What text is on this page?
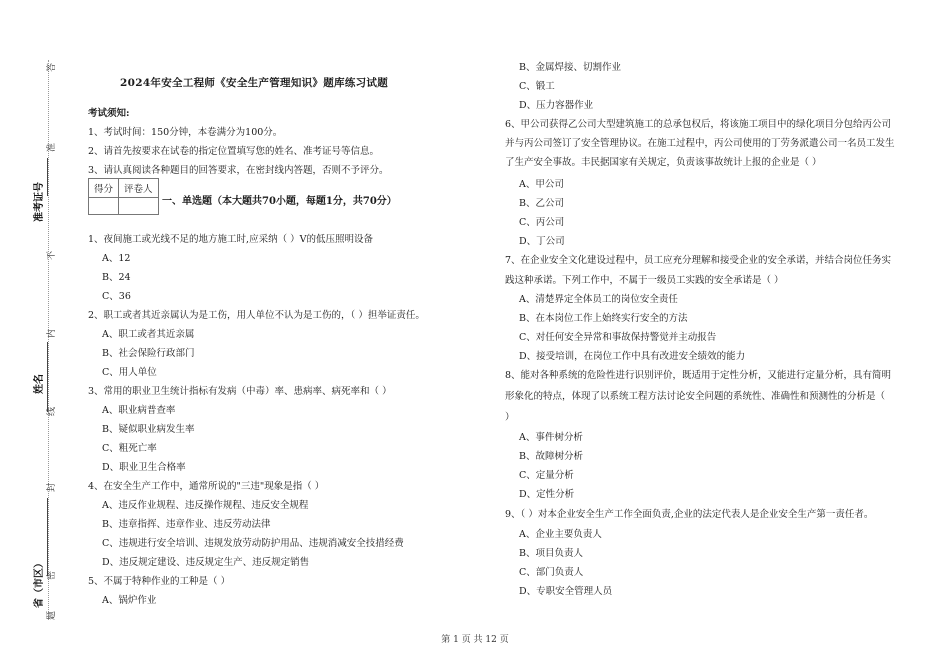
答
准
准考证号
不
内
姓名
线
封
密
省（市区）
题
2024年安全工程师《安全生产管理知识》题库练习试题
考试须知:
1、考试时间：150分钟，本卷满分为100分。
2、请首先按要求在试卷的指定位置填写您的姓名、准考证号等信息。
3、请认真阅读各种题目的回答要求，在密封线内答题，否则不予评分。
1、夜间施工或光线不足的地方施工时,应采纳（ ）V的低压照明设备
A、12
B、24
C、36
2、职工或者其近亲属认为是工伤，用人单位不认为是工伤的，（ ）担举证责任。
A、职工或者其近亲属
B、社会保险行政部门
C、用人单位
3、常用的职业卫生统计指标有发病（中毒）率、患病率、病死率和（ ）
A、职业病普查率
B、疑似职业病发生率
C、粗死亡率
D、职业卫生合格率
4、在安全生产工作中，通常所说的"三违"现象是指（ ）
A、违反作业规程、违反操作规程、违反安全规程
B、违章指挥、违章作业、违反劳动法律
C、违规进行安全培训、违规发放劳动防护用品、违规消减安全技措经费
D、违反规定建设、违反规定生产、违反规定销售
5、不属于特种作业的工种是（ ）
A、锅炉作业
得分	评卷人

一、单选题（本大题共70小题，每题1分，共70分）
B、金属焊接、切割作业
C、锻工
D、压力容器作业
6、甲公司获得乙公司大型建筑施工的总承包权后，将该施工项目中的绿化项目分包给丙公司
并与丙公司签订了安全管理协议。在施工过程中，丙公司使用的丁劳务派遣公司一名员工发生
了生产安全事故。丰民据国家有关规定，负责该事故统计上报的企业是（ ）
A、甲公司
B、乙公司
C、丙公司
D、丁公司
7、在企业安全文化建设过程中，员工应充分理解和接受企业的安全承诺，并结合岗位任务实
践这种承诺。下列工作中，不属于一级员工实践的安全承诺是（ ）
A、清楚界定全体员工的岗位安全责任
B、在本岗位工作上始终实行安全的方法
C、对任何安全异常和事故保持警觉并主动报告
D、接受培训，在岗位工作中具有改进安全绩效的能力
8、能对各种系统的危险性进行识别评价，既适用于定性分析，又能进行定量分析，具有简明
形象化的特点，体现了以系统工程方法讨论安全问题的系统性、准确性和预测性的分析是（
）
A、事件树分析
B、故障树分析
C、定量分析
D、定性分析
9、（ ）对本企业安全生产工作全面负责,企业的法定代表人是企业安全生产第一责任者。
A、企业主要负责人
B、项目负责人
C、部门负责人
D、专职安全管理人员
第 1 页 共 12 页
